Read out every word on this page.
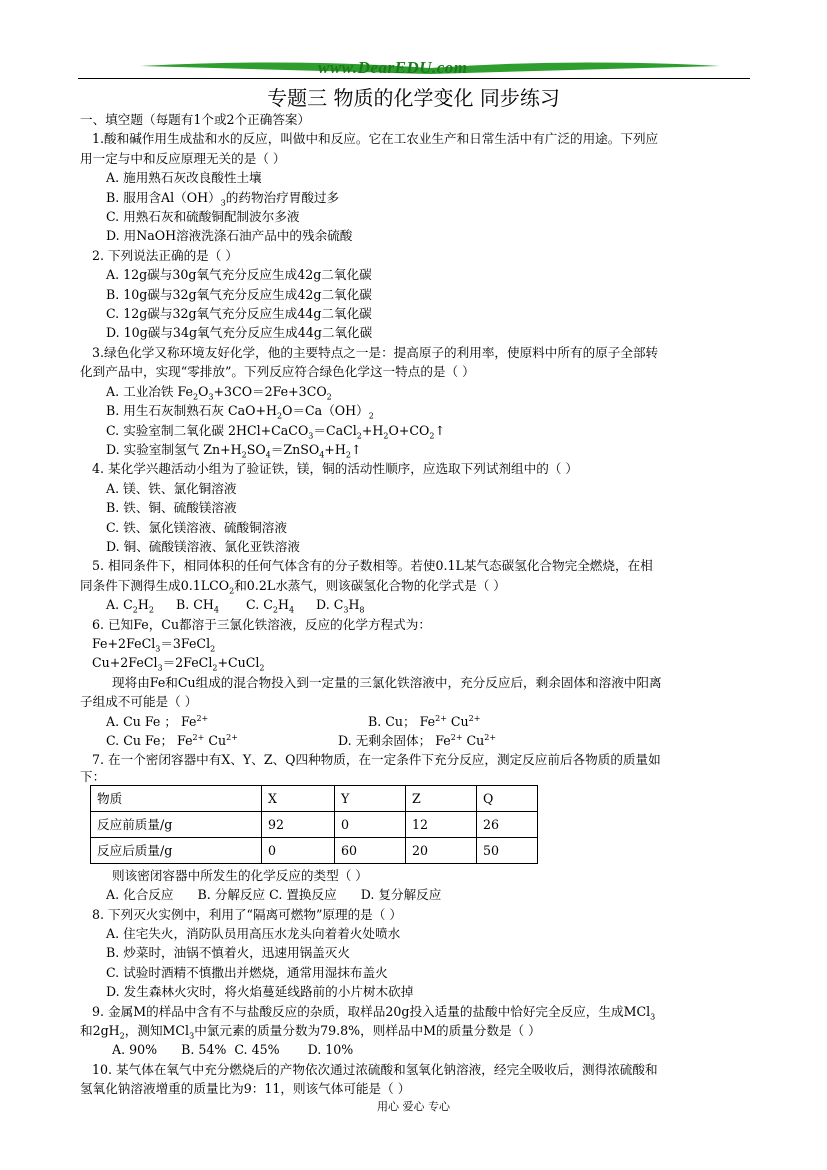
www.DearEDU.com
专题三 物质的化学变化 同步练习
一、填空题（每题有1个或2个正确答案）
1.酸和碱作用生成盐和水的反应，叫做中和反应。它在工农业生产和日常生活中有广泛的用途。下列应
用一定与中和反应原理无关的是（ ）
A. 施用熟石灰改良酸性土壤
B. 服用含$Al(OH)_3$的药物治疗胃酸过多
C. 用熟石灰和硫酸铜配制波尔多液
D. 用NaOH溶液洗涤石油产品中的残余硫酸
2. 下列说法正确的是（ ）
A. 12g碳与30g氧气充分反应生成42g二氧化碳
B. 10g碳与32g氧气充分反应生成42g二氧化碳
C. 12g碳与32g氧气充分反应生成44g二氧化碳
D. 10g碳与34g氧气充分反应生成44g二氧化碳
3.绿色化学又称环境友好化学，他的主要特点之一是：提高原子的利用率，使原料中所有的原子全部转
化到产品中，实现“零排放”。下列反应符合绿色化学这一特点的是（ ）
A. 工业冶铁 $Fe_2O_3+3CO=2Fe+3CO_2$
B. 用生石灰制熟石灰 $CaO+H_2O=Ca(OH)_2$
C. 实验室制二氧化碳 $2HCl+CaCO_3=CaCl_2+H_2O+CO_2↑$
D. 实验室制氢气 $Zn+H_2SO_4=ZnSO_4+H_2↑$
4. 某化学兴趣活动小组为了验证铁，镁，铜的活动性顺序，应选取下列试剂组中的（ ）
A. 镁、铁、氯化铜溶液
B. 铁、铜、硫酸镁溶液
C. 铁、氯化镁溶液、硫酸铜溶液
D. 铜、硫酸镁溶液、氯化亚铁溶液
5. 相同条件下，相同体积的任何气体含有的分子数相等。若使0.1L某气态碳氢化合物完全燃烧，在相
同条件下测得生成$0.1LCO_2$和0.2L水蒸气，则该碳氢化合物的化学式是（ ）
A. $C_2H_2$ B. $CH_4$ C. $C_2H_4$ D. $C_3H_8$
6. 已知Fe，Cu都溶于三氯化铁溶液，反应的化学方程式为：
Fe+2FeCl$_3$＝3FeCl$_2$
Cu+2FeCl$_3$＝2FeCl$_2$+CuCl$_2$
现将由Fe和Cu组成的混合物投入到一定量的三氯化铁溶液中，充分反应后，剩余固体和溶液中阳离
子组成不可能是（ ）
A. Cu Fe ； $Fe^{2+}$	B. Cu； $Fe^{2+}$ $Cu^{2+}$
C. Cu Fe； $Fe^{2+}$ $Cu^{2+}$	D. 无剩余固体； $Fe^{2+}$ $Cu^{2+}$
7. 在一个密闭容器中有X、Y、Z、Q四种物质，在一定条件下充分反应，测定反应前后各物质的质量如
下：
物质	X	Y	Z	Q
反应前质量/g	92	0	12	26
反应后质量/g	0	60	20	50
则该密闭容器中所发生的化学反应的类型（ ）
A. 化合反应      B. 分解反应 C. 置换反应      D. 复分解反应
8. 下列灭火实例中，利用了“隔离可燃物”原理的是（ ）
A. 住宅失火，消防队员用高压水龙头向着着火处喷水
B. 炒菜时，油锅不慎着火，迅速用锅盖灭火
C. 试验时酒精不慎撒出并燃烧，通常用湿抹布盖火
D. 发生森林火灾时，将火焰蔓延线路前的小片树木砍掉
9. 金属M的样品中含有不与盐酸反应的杂质，取样品20g投入适量的盐酸中恰好完全反应，生成MCl$_3$
和$2gH_2$，测知MCl$_3$中氯元素的质量分数为79.8%，则样品中M的质量分数是（ ）
A. 90%      B. 54%  C. 45%       D. 10%
10. 某气体在氧气中充分燃烧后的产物依次通过浓硫酸和氢氧化钠溶液，经完全吸收后，测得浓硫酸和
氢氧化钠溶液增重的质量比为9：11，则该气体可能是（ ）
用心 爱心 专心
